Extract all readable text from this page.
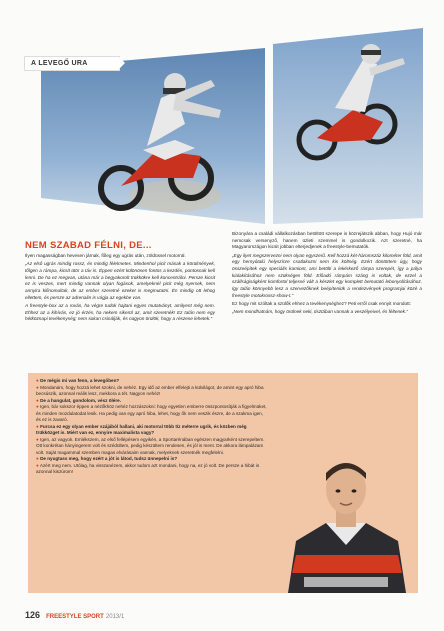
A LEVEGŐ URA
NEM SZABAD FÉLNI, DE...

Ilyen magasságban hevesen járnak, főleg egy ugrás után, zöldüssel motorral.

„Az első ugrás mindig rossz, és mindig félelmetes. Mindenhol picit másak a körülmények, tőlgen a rámpa, kicsit ütör a táv is. Éppen ezért különösen fontos a kezdés, pontosnak kell lenni. De ha ez megvan, utána már a begyakorolt trükkökre kell koncentrálni. Persze kicsit ez is veszes, mert mindig vannak olyan fogások, amelyeknél picit még nyersek, nem annyira kifinomultak, de az ember szeretné ezeket is megmutatni. Én mindig ott lehog ellettem, és persze az adrenalin is vágja az egekbe van.

A freestyle-box az a rovás, ha végre tudok hajtani egyes mutatványt, amilyent még nem. Ehhez az a kihívás, ez jó érzés, ha nekem sikerül az, amit szeretnék! Ez talán nem egy hétköznapi tevékenység; nem sokan csinálják, és nagyon örülök, hogy a részese lehetek.”

Bizonyára a családi vállalkozásban betöltött szerepe is közrejátszik abban, hogy Hujó már nemcsak versenyző, hanem üzleti szemmel is gondolkozik. Azt szeretné, ha Magyarországon kicsit jobban elterjedjenek a freestyle-bemutatók.

„Egy ilyet megszervezni nem olyan egyszerű. Kell hozzá két-háromszáz kilométer föld, amit egy hernyótalú helyszínre csatlakozni nem kis költség. Ezért döntöttem úgy, hogy összeépítek egy speciális kamiont, ami betölti a lekérkező rámpa szerepét, így a pálya kialakításához nem szükséges föld. Előadó rámpám száng is voltak, de ezzel a szállságiságként komfortol teljessé vált a készlet egy komplett bemutató lebonyolításához. Így talán könnyebb lesz a szervezőknek beépíteniük a rendezvények programjai közé a freestyle motokrossz-show-t.”

Ez hogy mit szóltak a szülők ehhez a tevékenységhez? Peti erről csak ennyit mondott:

„Nem mondhatnám, hogy örülnek neki, tisztában vannak a veszélyeivel, és féltenek.”

● De mégis mi van fenn, a levegőben?
● Mondanám, hogy hozzá lehet szokni, de nehéz. Egy idő az ember elfelejti a külvilágot, de amint egy apró hiba becsúszik, azonnal reális lesz, mekkora a tét. Nagyon nehéz!
● De a hangulat, gondolom, vész ölére.
● Igen, bár sokszor éppen a nézőkhöz nehéz hozzászokni: hogy egyetlen emberre összpontosítják a figyelmüket, és minden mozdulatodat lesik. Ha pedig van egy apró hiba, lehet, hogy ők nem veszik észre, de a szakma igen, és ez is zavaró.
● Furcsa ez egy olyan ember szájából hallani, aki motorral több tíz méterre ugrik, és közben még trükközget is. Miért van ez, ennyire maximalista vagy?
● Igen, az vagyok. Emlékszem, az első fellépésem egyikén, a Sportarénában egészen magyarként szerepeltem. Ott konkrétan hányingerem volt és szédültem, pedig készültem rendesen, és jól is ment. De akkora lámpalázam volt. Saját magammal szemben magas elvárásaim vannak, melyeknek szeretnék megfelelni.
● De nyugtass meg, hogy ezért a jót is látod, tudsz ünnepelni is?
● Azért meg nem. Utólag, ha visszanézem, akkor tudom azt mondani, hogy na, ez jó volt. De persze a hibát is azonnal kiszúrom!
126 FREESTYLE SPORT 2013/1
